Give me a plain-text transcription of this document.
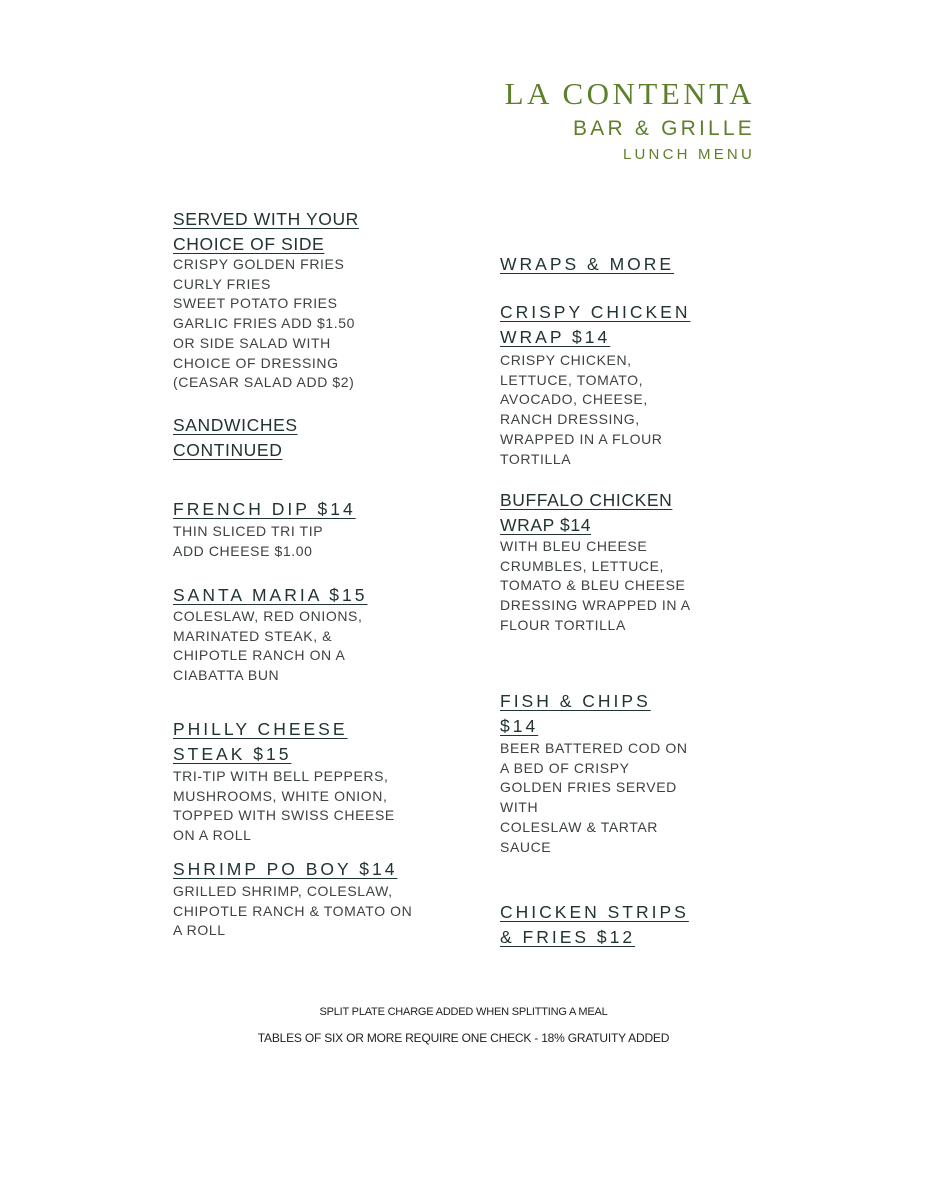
LA CONTENTA
BAR & GRILLE
LUNCH MENU
SERVED WITH YOUR
CHOICE OF SIDE

CRISPY GOLDEN FRIES
CURLY FRIES
SWEET POTATO FRIES
GARLIC FRIES ADD $1.50
OR SIDE SALAD WITH
CHOICE OF DRESSING
(CEASAR SALAD ADD $2)

SANDWICHES
CONTINUED
FRENCH DIP $14

THIN SLICED TRI TIP
ADD CHEESE $1.00

SANTA MARIA $15

COLESLAW, RED ONIONS,
MARINATED STEAK, &
CHIPOTLE RANCH ON A
CIABATTA BUN

PHILLY CHEESE
STEAK $15

TRI-TIP WITH BELL PEPPERS,
MUSHROOMS, WHITE ONION,
TOPPED WITH SWISS CHEESE
ON A ROLL

SHRIMP PO BOY $14

GRILLED SHRIMP, COLESLAW,
CHIPOTLE RANCH & TOMATO ON
A ROLL

WRAPS & MORE
CRISPY CHICKEN
WRAP $14

CRISPY CHICKEN,
LETTUCE, TOMATO,
AVOCADO, CHEESE,
RANCH DRESSING,
WRAPPED IN A FLOUR
TORTILLA

BUFFALO CHICKEN
WRAP $14

WITH BLEU CHEESE
CRUMBLES, LETTUCE,
TOMATO & BLEU CHEESE
DRESSING WRAPPED IN A
FLOUR TORTILLA

FISH & CHIPS
$14

BEER BATTERED COD ON
A BED OF CRISPY
GOLDEN FRIES SERVED
WITH
COLESLAW & TARTAR
SAUCE

CHICKEN STRIPS
& FRIES $12
SPLIT PLATE CHARGE ADDED WHEN SPLITTING A MEAL
TABLES OF SIX OR MORE REQUIRE ONE CHECK - 18% GRATUITY ADDED
